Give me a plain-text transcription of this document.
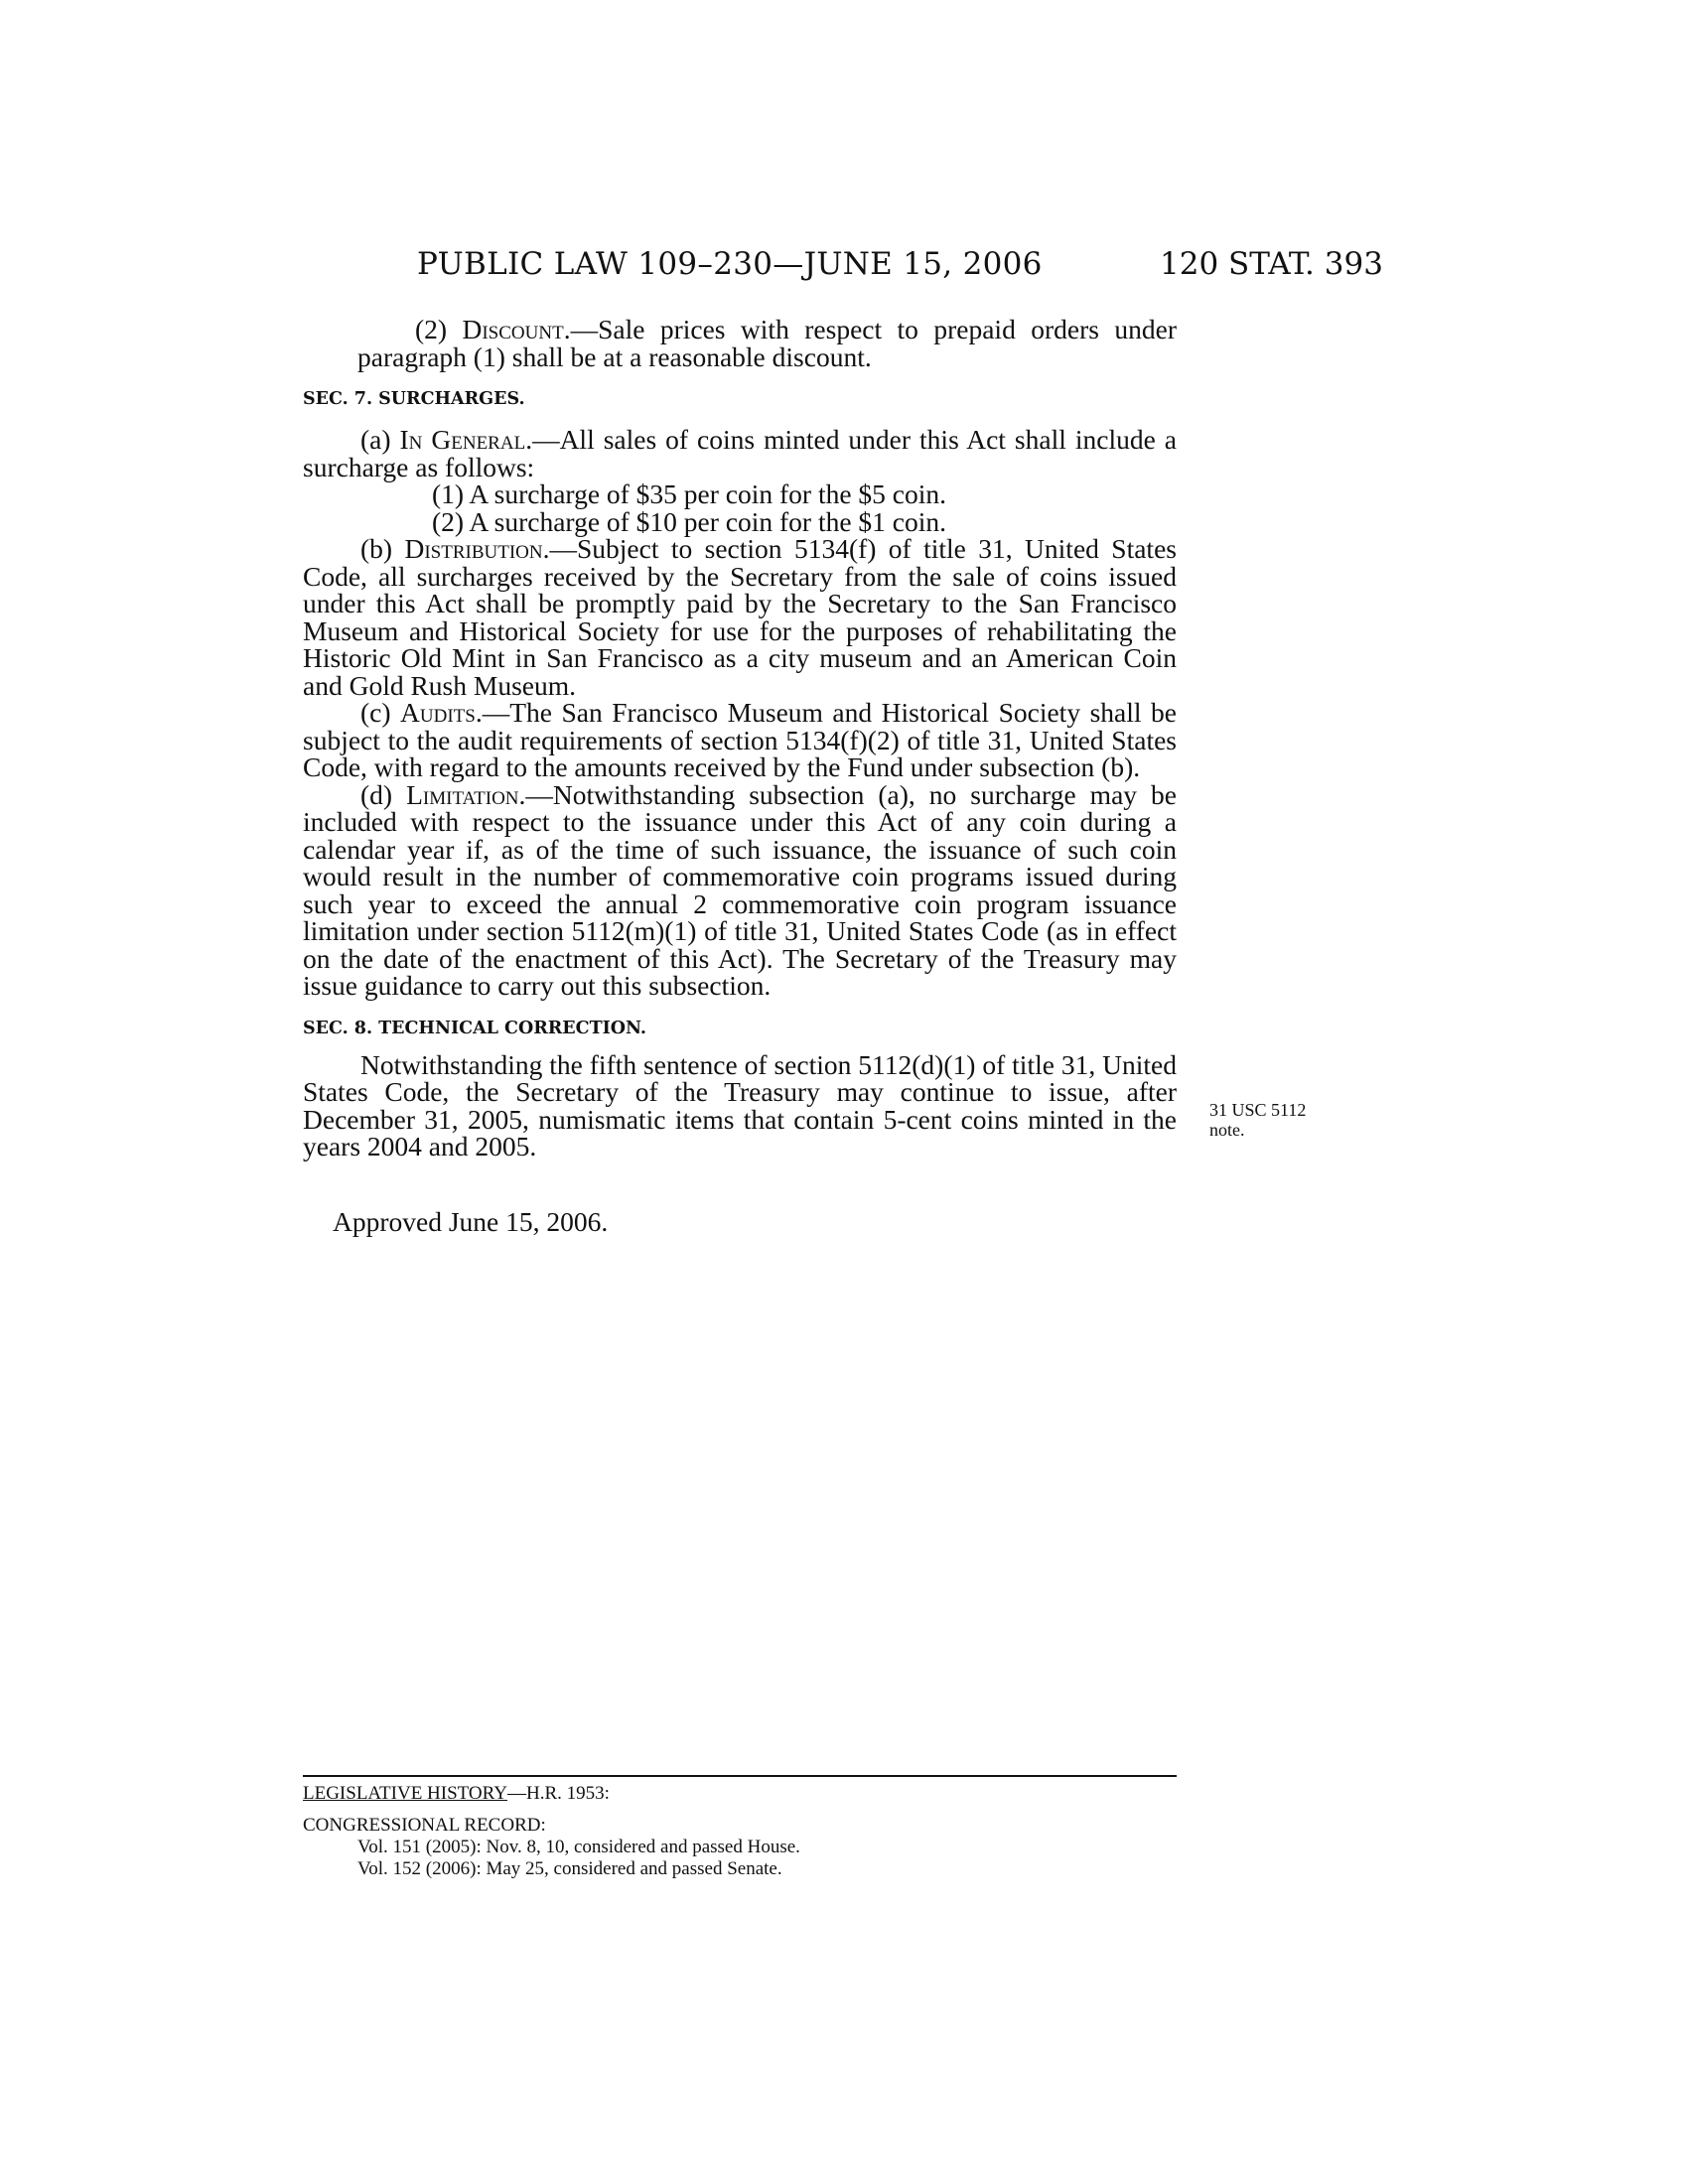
PUBLIC LAW 109–230—JUNE 15, 2006	120 STAT. 393

(2) Discount.—Sale prices with respect to prepaid orders under paragraph (1) shall be at a reasonable discount.

SEC. 7. SURCHARGES.

(a) In General.—All sales of coins minted under this Act shall include a surcharge as follows:

(1) A surcharge of $35 per coin for the $5 coin.

(2) A surcharge of $10 per coin for the $1 coin.

(b) Distribution.—Subject to section 5134(f) of title 31, United States Code, all surcharges received by the Secretary from the sale of coins issued under this Act shall be promptly paid by the Secretary to the San Francisco Museum and Historical Society for use for the purposes of rehabilitating the Historic Old Mint in San Francisco as a city museum and an American Coin and Gold Rush Museum.

(c) Audits.—The San Francisco Museum and Historical Society shall be subject to the audit requirements of section 5134(f)(2) of title 31, United States Code, with regard to the amounts received by the Fund under subsection (b).

(d) Limitation.—Notwithstanding subsection (a), no surcharge may be included with respect to the issuance under this Act of any coin during a calendar year if, as of the time of such issuance, the issuance of such coin would result in the number of commemorative coin programs issued during such year to exceed the annual 2 commemorative coin program issuance limitation under section 5112(m)(1) of title 31, United States Code (as in effect on the date of the enactment of this Act). The Secretary of the Treasury may issue guidance to carry out this subsection.

SEC. 8. TECHNICAL CORRECTION.

Notwithstanding the fifth sentence of section 5112(d)(1) of title 31, United States Code, the Secretary of the Treasury may continue to issue, after December 31, 2005, numismatic items that contain 5-cent coins minted in the years 2004 and 2005.

Approved June 15, 2006.

31 USC 5112
note.

LEGISLATIVE HISTORY—H.R. 1953:

CONGRESSIONAL RECORD:

Vol. 151 (2005): Nov. 8, 10, considered and passed House.

Vol. 152 (2006): May 25, considered and passed Senate.
